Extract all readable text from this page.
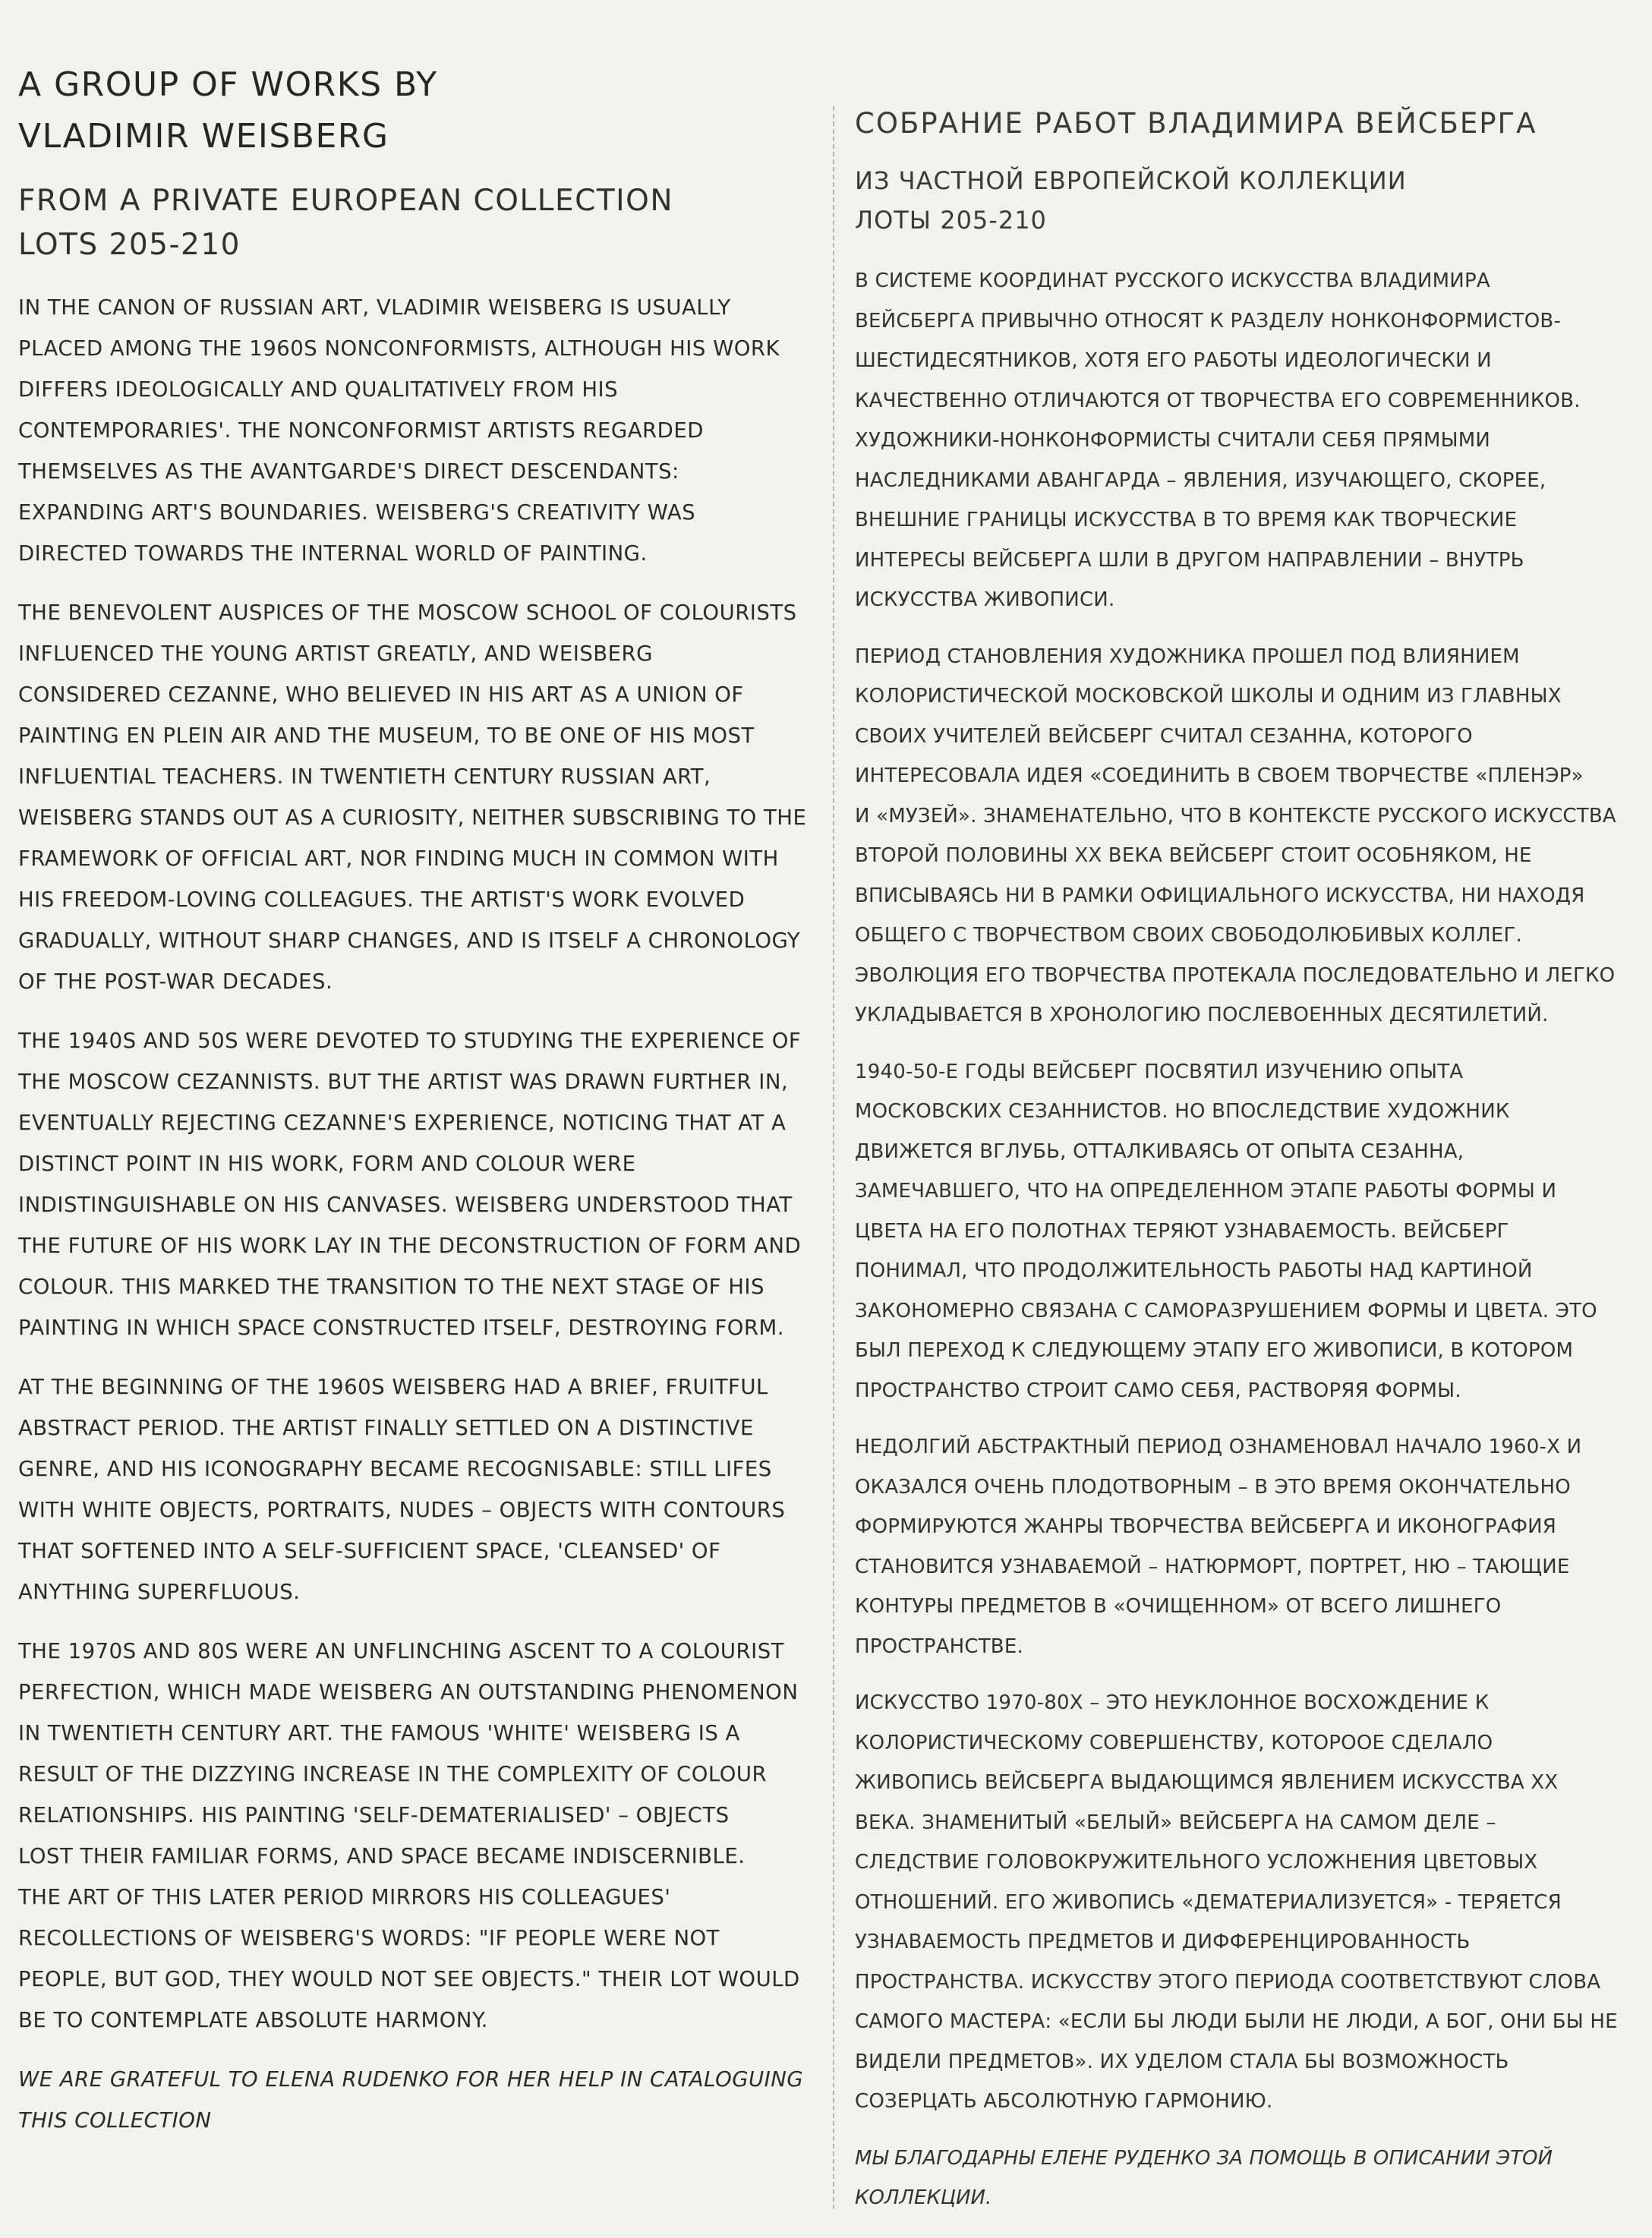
A GROUP OF WORKS BY
VLADIMIR WEISBERG
FROM A PRIVATE EUROPEAN COLLECTION
LOTS 205-210

IN THE CANON OF RUSSIAN ART, VLADIMIR WEISBERG IS USUALLY
PLACED AMONG THE 1960S NONCONFORMISTS, ALTHOUGH HIS WORK
DIFFERS IDEOLOGICALLY AND QUALITATIVELY FROM HIS
CONTEMPORARIES'. THE NONCONFORMIST ARTISTS REGARDED
THEMSELVES AS THE AVANTGARDE'S DIRECT DESCENDANTS:
EXPANDING ART'S BOUNDARIES. WEISBERG'S CREATIVITY WAS
DIRECTED TOWARDS THE INTERNAL WORLD OF PAINTING.

THE BENEVOLENT AUSPICES OF THE MOSCOW SCHOOL OF COLOURISTS
INFLUENCED THE YOUNG ARTIST GREATLY, AND WEISBERG
CONSIDERED CEZANNE, WHO BELIEVED IN HIS ART AS A UNION OF
PAINTING EN PLEIN AIR AND THE MUSEUM, TO BE ONE OF HIS MOST
INFLUENTIAL TEACHERS. IN TWENTIETH CENTURY RUSSIAN ART,
WEISBERG STANDS OUT AS A CURIOSITY, NEITHER SUBSCRIBING TO THE
FRAMEWORK OF OFFICIAL ART, NOR FINDING MUCH IN COMMON WITH
HIS FREEDOM-LOVING COLLEAGUES. THE ARTIST'S WORK EVOLVED
GRADUALLY, WITHOUT SHARP CHANGES, AND IS ITSELF A CHRONOLOGY
OF THE POST-WAR DECADES.

THE 1940S AND 50S WERE DEVOTED TO STUDYING THE EXPERIENCE OF
THE MOSCOW CEZANNISTS. BUT THE ARTIST WAS DRAWN FURTHER IN,
EVENTUALLY REJECTING CEZANNE'S EXPERIENCE, NOTICING THAT AT A
DISTINCT POINT IN HIS WORK, FORM AND COLOUR WERE
INDISTINGUISHABLE ON HIS CANVASES. WEISBERG UNDERSTOOD THAT
THE FUTURE OF HIS WORK LAY IN THE DECONSTRUCTION OF FORM AND
COLOUR. THIS MARKED THE TRANSITION TO THE NEXT STAGE OF HIS
PAINTING IN WHICH SPACE CONSTRUCTED ITSELF, DESTROYING FORM.

AT THE BEGINNING OF THE 1960S WEISBERG HAD A BRIEF, FRUITFUL
ABSTRACT PERIOD. THE ARTIST FINALLY SETTLED ON A DISTINCTIVE
GENRE, AND HIS ICONOGRAPHY BECAME RECOGNISABLE: STILL LIFES
WITH WHITE OBJECTS, PORTRAITS, NUDES – OBJECTS WITH CONTOURS
THAT SOFTENED INTO A SELF-SUFFICIENT SPACE, 'CLEANSED' OF
ANYTHING SUPERFLUOUS.

THE 1970S AND 80S WERE AN UNFLINCHING ASCENT TO A COLOURIST
PERFECTION, WHICH MADE WEISBERG AN OUTSTANDING PHENOMENON
IN TWENTIETH CENTURY ART. THE FAMOUS 'WHITE' WEISBERG IS A
RESULT OF THE DIZZYING INCREASE IN THE COMPLEXITY OF COLOUR
RELATIONSHIPS. HIS PAINTING 'SELF-DEMATERIALISED' – OBJECTS
LOST THEIR FAMILIAR FORMS, AND SPACE BECAME INDISCERNIBLE.
THE ART OF THIS LATER PERIOD MIRRORS HIS COLLEAGUES'
RECOLLECTIONS OF WEISBERG'S WORDS: "IF PEOPLE WERE NOT
PEOPLE, BUT GOD, THEY WOULD NOT SEE OBJECTS." THEIR LOT WOULD
BE TO CONTEMPLATE ABSOLUTE HARMONY.

WE ARE GRATEFUL TO ELENA RUDENKO FOR HER HELP IN CATALOGUING
THIS COLLECTION

СОБРАНИЕ РАБОТ ВЛАДИМИРА ВЕЙСБЕРГА
ИЗ ЧАСТНОЙ ЕВРОПЕЙСКОЙ КОЛЛЕКЦИИ
ЛОТЫ 205-210

В СИСТЕМЕ КООРДИНАТ РУССКОГО ИСКУССТВА ВЛАДИМИРА
ВЕЙСБЕРГА ПРИВЫЧНО ОТНОСЯТ К РАЗДЕЛУ НОНКОНФОРМИСТОВ-
ШЕСТИДЕСЯТНИКОВ, ХОТЯ ЕГО РАБОТЫ ИДЕОЛОГИЧЕСКИ И
КАЧЕСТВЕННО ОТЛИЧАЮТСЯ ОТ ТВОРЧЕСТВА ЕГО СОВРЕМЕННИКОВ.
ХУДОЖНИКИ-НОНКОНФОРМИСТЫ СЧИТАЛИ СЕБЯ ПРЯМЫМИ
НАСЛЕДНИКАМИ АВАНГАРДА – ЯВЛЕНИЯ, ИЗУЧАЮЩЕГО, СКОРЕЕ,
ВНЕШНИЕ ГРАНИЦЫ ИСКУССТВА В ТО ВРЕМЯ КАК ТВОРЧЕСКИЕ
ИНТЕРЕСЫ ВЕЙСБЕРГА ШЛИ В ДРУГОМ НАПРАВЛЕНИИ – ВНУТРЬ
ИСКУССТВА ЖИВОПИСИ.

ПЕРИОД СТАНОВЛЕНИЯ ХУДОЖНИКА ПРОШЕЛ ПОД ВЛИЯНИЕМ
КОЛОРИСТИЧЕСКОЙ МОСКОВСКОЙ ШКОЛЫ И ОДНИМ ИЗ ГЛАВНЫХ
СВОИХ УЧИТЕЛЕЙ ВЕЙСБЕРГ СЧИТАЛ СЕЗАННА, КОТОРОГО
ИНТЕРЕСОВАЛА ИДЕЯ «СОЕДИНИТЬ В СВОЕМ ТВОРЧЕСТВЕ «ПЛЕНЭР»
И «МУЗЕЙ». ЗНАМЕНАТЕЛЬНО, ЧТО В КОНТЕКСТЕ РУССКОГО ИСКУССТВА
ВТОРОЙ ПОЛОВИНЫ ХХ ВЕКА ВЕЙСБЕРГ СТОИТ ОСОБНЯКОМ, НЕ
ВПИСЫВАЯСЬ НИ В РАМКИ ОФИЦИАЛЬНОГО ИСКУССТВА, НИ НАХОДЯ
ОБЩЕГО С ТВОРЧЕСТВОМ СВОИХ СВОБОДОЛЮБИВЫХ КОЛЛЕГ.
ЭВОЛЮЦИЯ ЕГО ТВОРЧЕСТВА ПРОТЕКАЛА ПОСЛЕДОВАТЕЛЬНО И ЛЕГКО
УКЛАДЫВАЕТСЯ В ХРОНОЛОГИЮ ПОСЛЕВОЕННЫХ ДЕСЯТИЛЕТИЙ.

1940-50-Е ГОДЫ ВЕЙСБЕРГ ПОСВЯТИЛ ИЗУЧЕНИЮ ОПЫТА
МОСКОВСКИХ СЕЗАННИСТОВ. НО ВПОСЛЕДСТВИЕ ХУДОЖНИК
ДВИЖЕТСЯ ВГЛУБЬ, ОТТАЛКИВАЯСЬ ОТ ОПЫТА СЕЗАННА,
ЗАМЕЧАВШЕГО, ЧТО НА ОПРЕДЕЛЕННОМ ЭТАПЕ РАБОТЫ ФОРМЫ И
ЦВЕТА НА ЕГО ПОЛОТНАХ ТЕРЯЮТ УЗНАВАЕМОСТЬ. ВЕЙСБЕРГ
ПОНИМАЛ, ЧТО ПРОДОЛЖИТЕЛЬНОСТЬ РАБОТЫ НАД КАРТИНОЙ
ЗАКОНОМЕРНО СВЯЗАНА С САМОРАЗРУШЕНИЕМ ФОРМЫ И ЦВЕТА. ЭТО
БЫЛ ПЕРЕХОД К СЛЕДУЮЩЕМУ ЭТАПУ ЕГО ЖИВОПИСИ, В КОТОРОМ
ПРОСТРАНСТВО СТРОИТ САМО СЕБЯ, РАСТВОРЯЯ ФОРМЫ.

НЕДОЛГИЙ АБСТРАКТНЫЙ ПЕРИОД ОЗНАМЕНОВАЛ НАЧАЛО 1960-Х И
ОКАЗАЛСЯ ОЧЕНЬ ПЛОДОТВОРНЫМ – В ЭТО ВРЕМЯ ОКОНЧАТЕЛЬНО
ФОРМИРУЮТСЯ ЖАНРЫ ТВОРЧЕСТВА ВЕЙСБЕРГА И ИКОНОГРАФИЯ
СТАНОВИТСЯ УЗНАВАЕМОЙ – НАТЮРМОРТ, ПОРТРЕТ, НЮ – ТАЮЩИЕ
КОНТУРЫ ПРЕДМЕТОВ В «ОЧИЩЕННОМ» ОТ ВСЕГО ЛИШНЕГО
ПРОСТРАНСТВЕ.

ИСКУССТВО 1970-80Х – ЭТО НЕУКЛОННОЕ ВОСХОЖДЕНИЕ К
КОЛОРИСТИЧЕСКОМУ СОВЕРШЕНСТВУ, КОТОРООЕ СДЕЛАЛО
ЖИВОПИСЬ ВЕЙСБЕРГА ВЫДАЮЩИМСЯ ЯВЛЕНИЕМ ИСКУССТВА ХХ
ВЕКА. ЗНАМЕНИТЫЙ «БЕЛЫЙ» ВЕЙСБЕРГА НА САМОМ ДЕЛЕ –
СЛЕДСТВИЕ ГОЛОВОКРУЖИТЕЛЬНОГО УСЛОЖНЕНИЯ ЦВЕТОВЫХ
ОТНОШЕНИЙ. ЕГО ЖИВОПИСЬ «ДЕМАТЕРИАЛИЗУЕТСЯ» - ТЕРЯЕТСЯ
УЗНАВАЕМОСТЬ ПРЕДМЕТОВ И ДИФФЕРЕНЦИРОВАННОСТЬ
ПРОСТРАНСТВА. ИСКУССТВУ ЭТОГО ПЕРИОДА СООТВЕТСТВУЮТ СЛОВА
САМОГО МАСТЕРА: «ЕСЛИ БЫ ЛЮДИ БЫЛИ НЕ ЛЮДИ, А БОГ, ОНИ БЫ НЕ
ВИДЕЛИ ПРЕДМЕТОВ». ИХ УДЕЛОМ СТАЛА БЫ ВОЗМОЖНОСТЬ
СОЗЕРЦАТЬ АБСОЛЮТНУЮ ГАРМОНИЮ.

МЫ БЛАГОДАРНЫ ЕЛЕНЕ РУДЕНКО ЗА ПОМОЩЬ В ОПИСАНИИ ЭТОЙ
КОЛЛЕКЦИИ.
